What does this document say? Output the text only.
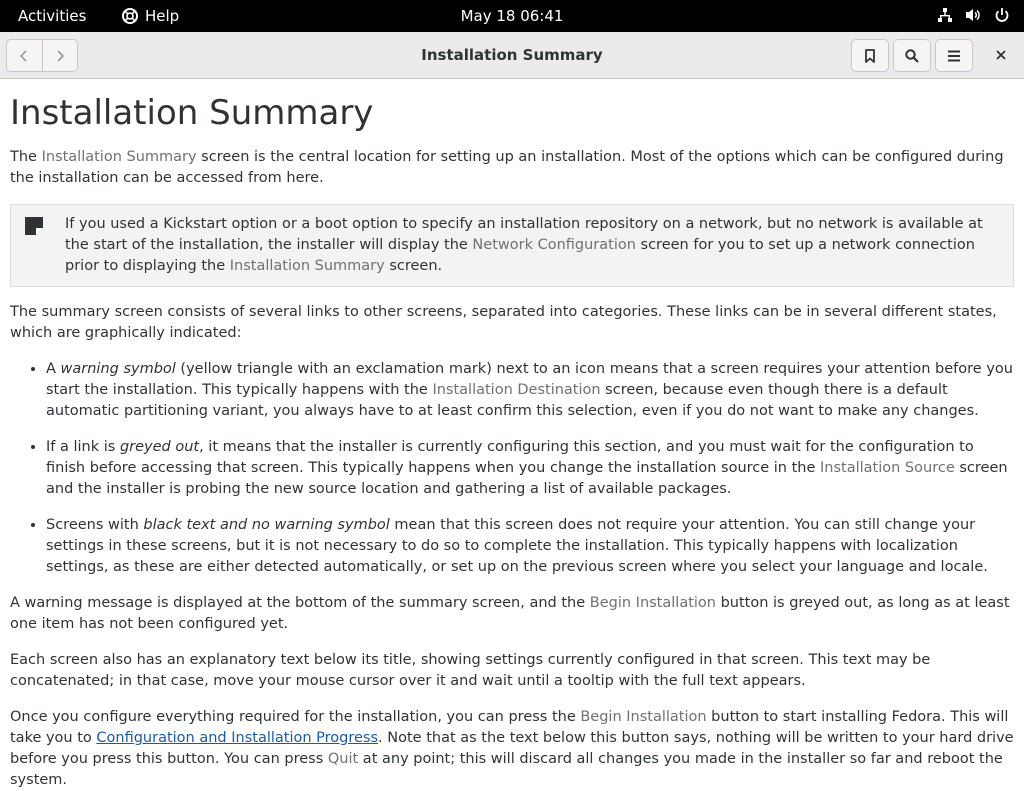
Activities	Help	May 18 06:41
Installation Summary
Installation Summary

The Installation Summary screen is the central location for setting up an installation. Most of the options which can be configured during the installation can be accessed from here.

If you used a Kickstart option or a boot option to specify an installation repository on a network, but no network is available at the start of the installation, the installer will display the Network Configuration screen for you to set up a network connection prior to displaying the Installation Summary screen.

The summary screen consists of several links to other screens, separated into categories. These links can be in several different states, which are graphically indicated:

• A warning symbol (yellow triangle with an exclamation mark) next to an icon means that a screen requires your attention before you start the installation. This typically happens with the Installation Destination screen, because even though there is a default automatic partitioning variant, you always have to at least confirm this selection, even if you do not want to make any changes.
• If a link is greyed out, it means that the installer is currently configuring this section, and you must wait for the configuration to finish before accessing that screen. This typically happens when you change the installation source in the Installation Source screen and the installer is probing the new source location and gathering a list of available packages.
• Screens with black text and no warning symbol mean that this screen does not require your attention. You can still change your settings in these screens, but it is not necessary to do so to complete the installation. This typically happens with localization settings, as these are either detected automatically, or set up on the previous screen where you select your language and locale.

A warning message is displayed at the bottom of the summary screen, and the Begin Installation button is greyed out, as long as at least one item has not been configured yet.

Each screen also has an explanatory text below its title, showing settings currently configured in that screen. This text may be concatenated; in that case, move your mouse cursor over it and wait until a tooltip with the full text appears.

Once you configure everything required for the installation, you can press the Begin Installation button to start installing Fedora. This will take you to Configuration and Installation Progress. Note that as the text below this button says, nothing will be written to your hard drive before you press this button. You can press Quit at any point; this will discard all changes you made in the installer so far and reboot the system.
